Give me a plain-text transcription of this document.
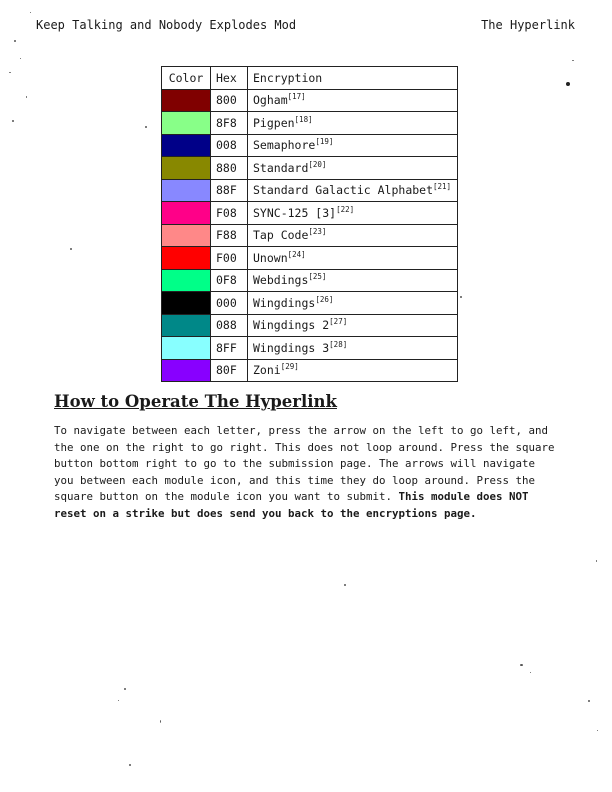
Keep Talking and Nobody Explodes Mod	The Hyperlink
Color	Hex	Encryption
	800	Ogham[17]
	8F8	Pigpen[18]
	008	Semaphore[19]
	880	Standard[20]
	88F	Standard Galactic Alphabet[21]
	F08	SYNC-125 [3][22]
	F88	Tap Code[23]
	F00	Unown[24]
	0F8	Webdings[25]
	000	Wingdings[26]
	088	Wingdings 2[27]
	8FF	Wingdings 3[28]
	80F	Zoni[29]
How to Operate The Hyperlink

To navigate between each letter, press the arrow on the left to go left, and the one on the right to go right. This does not loop around. Press the square button bottom right to go to the submission page. The arrows will navigate you between each module icon, and this time they do loop around. Press the square button on the module icon you want to submit. This module does NOT reset on a strike but does send you back to the encryptions page.
